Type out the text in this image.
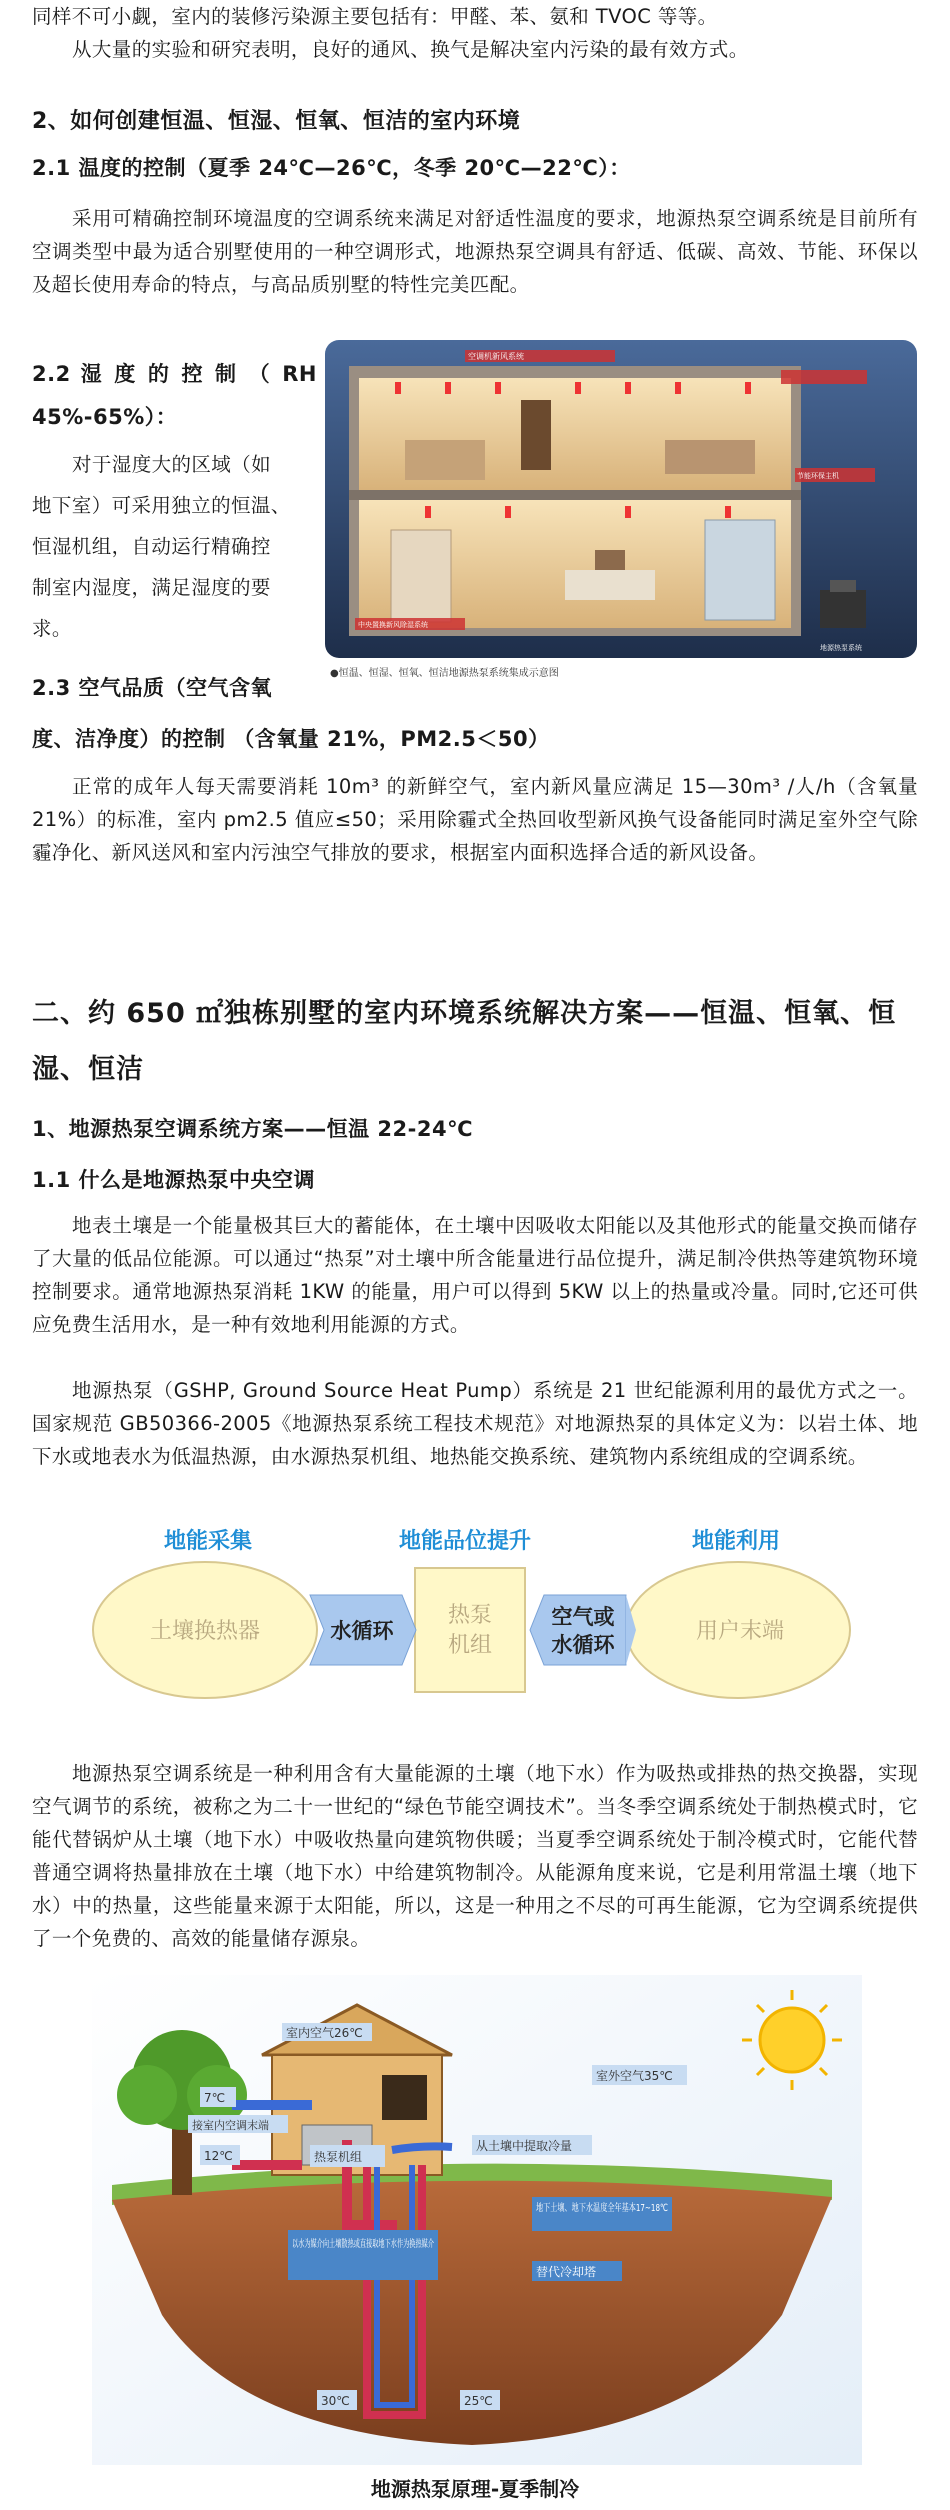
同样不可小觑，室内的装修污染源主要包括有：甲醛、苯、氨和 TVOC 等等。
从大量的实验和研究表明，良好的通风、换气是解决室内污染的最有效方式。
2、如何创建恒温、恒湿、恒氧、恒洁的室内环境
2.1 温度的控制（夏季 24℃—26℃，冬季 20℃—22℃）：
采用可精确控制环境温度的空调系统来满足对舒适性温度的要求，地源热泵空调系统是目前所有空调类型中最为适合别墅使用的一种空调形式，地源热泵空调具有舒适、低碳、高效、节能、环保以及超长使用寿命的特点，与高品质别墅的特性完美匹配。
2.2 湿 度 的 控 制 （ RH
45%-65%）：
对于湿度大的区域（如
地下室）可采用独立的恒温、
恒湿机组，自动运行精确控
制室内湿度，满足湿度的要
求。
空调机新风系统
节能环保主机
地源热泵系统
中央置换新风除湿系统
●恒温、恒湿、恒氧、恒洁地源热泵系统集成示意图
2.3 空气品质（空气含氧
度、洁净度）的控制 （含氧量 21%，PM2.5＜50）
正常的成年人每天需要消耗 10m³ 的新鲜空气，室内新风量应满足 15—30m³ /人/h（含氧量 21%）的标准，室内 pm2.5 值应≤50；采用除霾式全热回收型新风换气设备能同时满足室外空气除霾净化、新风送风和室内污浊空气排放的要求，根据室内面积选择合适的新风设备。
二、约 650 ㎡独栋别墅的室内环境系统解决方案——恒温、恒氧、恒湿、恒洁
1、地源热泵空调系统方案——恒温 22-24℃
1.1 什么是地源热泵中央空调
地表土壤是一个能量极其巨大的蓄能体，在土壤中因吸收太阳能以及其他形式的能量交换而储存了大量的低品位能源。可以通过“热泵”对土壤中所含能量进行品位提升，满足制冷供热等建筑物环境控制要求。通常地源热泵消耗 1KW 的能量，用户可以得到 5KW 以上的热量或冷量。同时,它还可供应免费生活用水，是一种有效地利用能源的方式。
地源热泵（GSHP, Ground Source Heat Pump）系统是 21 世纪能源利用的最优方式之一。国家规范 GB50366-2005《地源热泵系统工程技术规范》对地源热泵的具体定义为：以岩土体、地下水或地表水为低温热源，由水源热泵机组、地热能交换系统、建筑物内系统组成的空调系统。
地能采集	地能品位提升	地能利用
土壤换热器
热泵
机组
用户末端
水循环
空气或
水循环
地源热泵空调系统是一种利用含有大量能源的土壤（地下水）作为吸热或排热的热交换器，实现空气调节的系统，被称之为二十一世纪的“绿色节能空调技术”。当冬季空调系统处于制热模式时，它能代替锅炉从土壤（地下水）中吸收热量向建筑物供暖；当夏季空调系统处于制冷模式时，它能代替普通空调将热量排放在土壤（地下水）中给建筑物制冷。从能源角度来说，它是利用常温土壤（地下水）中的热量，这些能量来源于太阳能，所以，这是一种用之不尽的可再生能源，它为空调系统提供了一个免费的、高效的能量储存源泉。
室内空气26℃
室外空气35℃
7℃
12℃
接室内空调末端
热泵机组
从土壤中提取冷量
地下土壤、地下水温度全年基本17~18℃
替代冷却塔
以水为媒介向土壤散热或直接取地下水作为换热媒介
30℃	25℃
地源热泵原理-夏季制冷
